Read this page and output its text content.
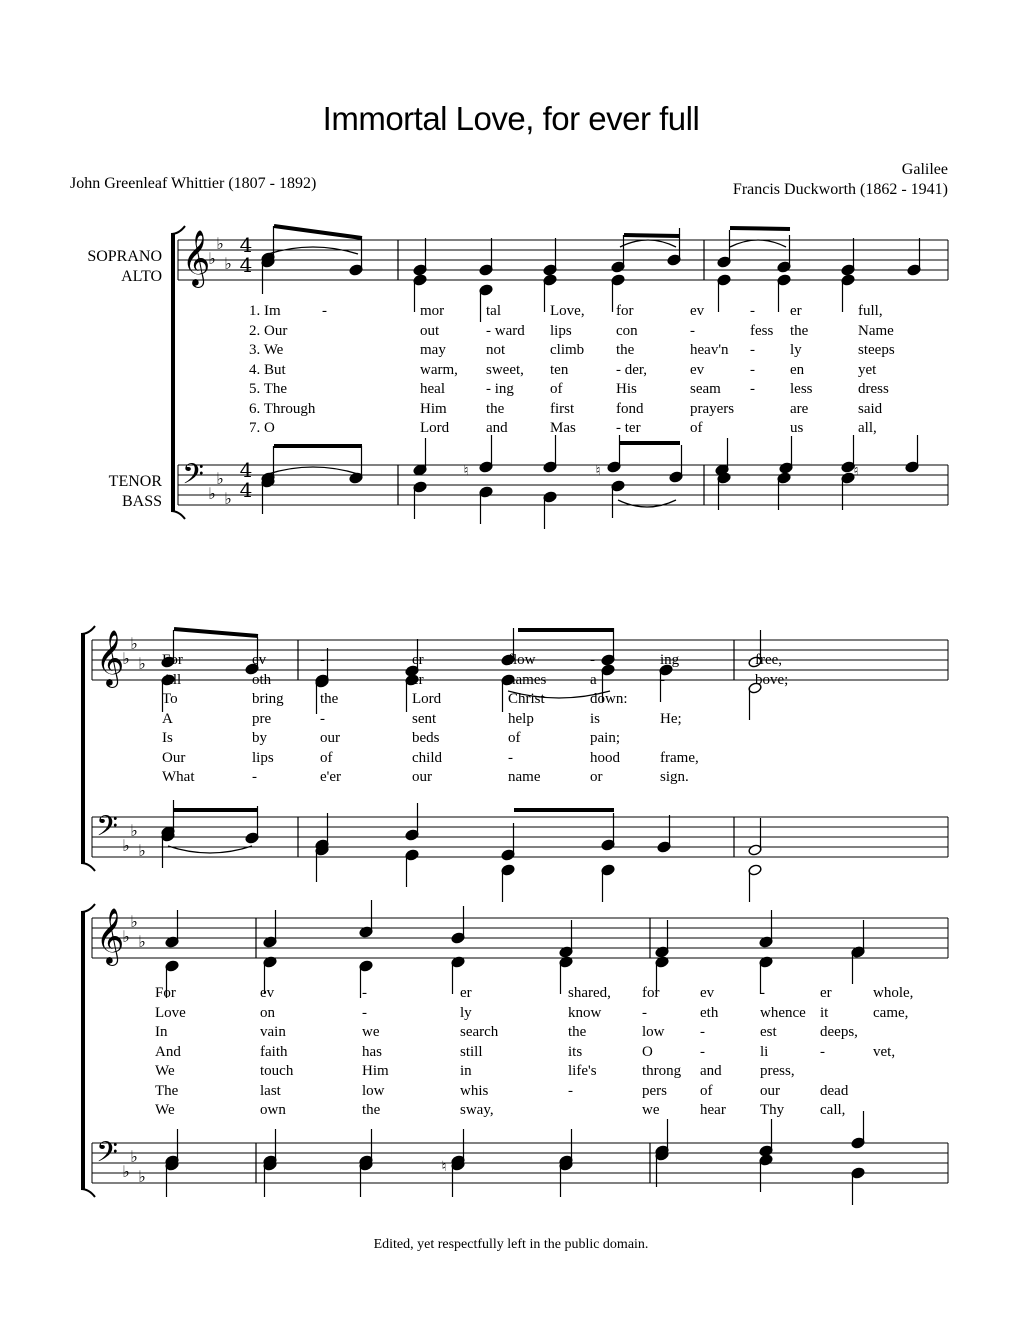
Immortal Love, for ever full
John Greenleaf Whittier (1807 - 1892)
Galilee
Francis Duckworth (1862 - 1941)
SOPRANO
ALTO
TENOR
BASS
𝄞
𝄢
♭
♭
♭
♭
♭
♭
4
4
4
4
𝄞
𝄢
♭
♭
♭
♭
♭
♭
𝄞
𝄢
♭
♭
♭
♭
♭
♭
♮	♮	♮
♮
1. Im	-	mor	tal	Love, for	ev	- er	full,
2. Our	out	- ward lips	con	-	fess the	Name
3. We	may	not	climb the	heav'n - ly	steeps
4. But	warm, sweet, ten	- der,	ev	- en	yet
5. The	heal	- ing of	His	seam - less	dress
6. Through	Him	the	first	fond	prayers	are	said
7. O	Lord and	Mas	- ter	of	us	all,
For	ev	-	er	flow	-	ing	free,
All	oth	-	er	names	a	-	bove;
To	bring the	Lord	Christ	down:
A	pre	-	sent	help	is	He;
Is	by	our	beds	of	pain;
Our	lips	of	child	-	hood	frame,
What	-	e'er	our	name	or	sign.
For	ev	-	er	shared, for	ev	-	er	whole,
Love	on	-	ly	know	-	eth	whence it	came,
In	vain	we	search	the	low -	est	deeps,
And	faith	has	still	its	O	-	li	-	vet,
We	touch	Him	in	life's	throng and	press,
The	last	low	whis	-	pers of	our	dead
We	own	the	sway,	we	hear Thy call,
Edited, yet respectfully left in the public domain.
